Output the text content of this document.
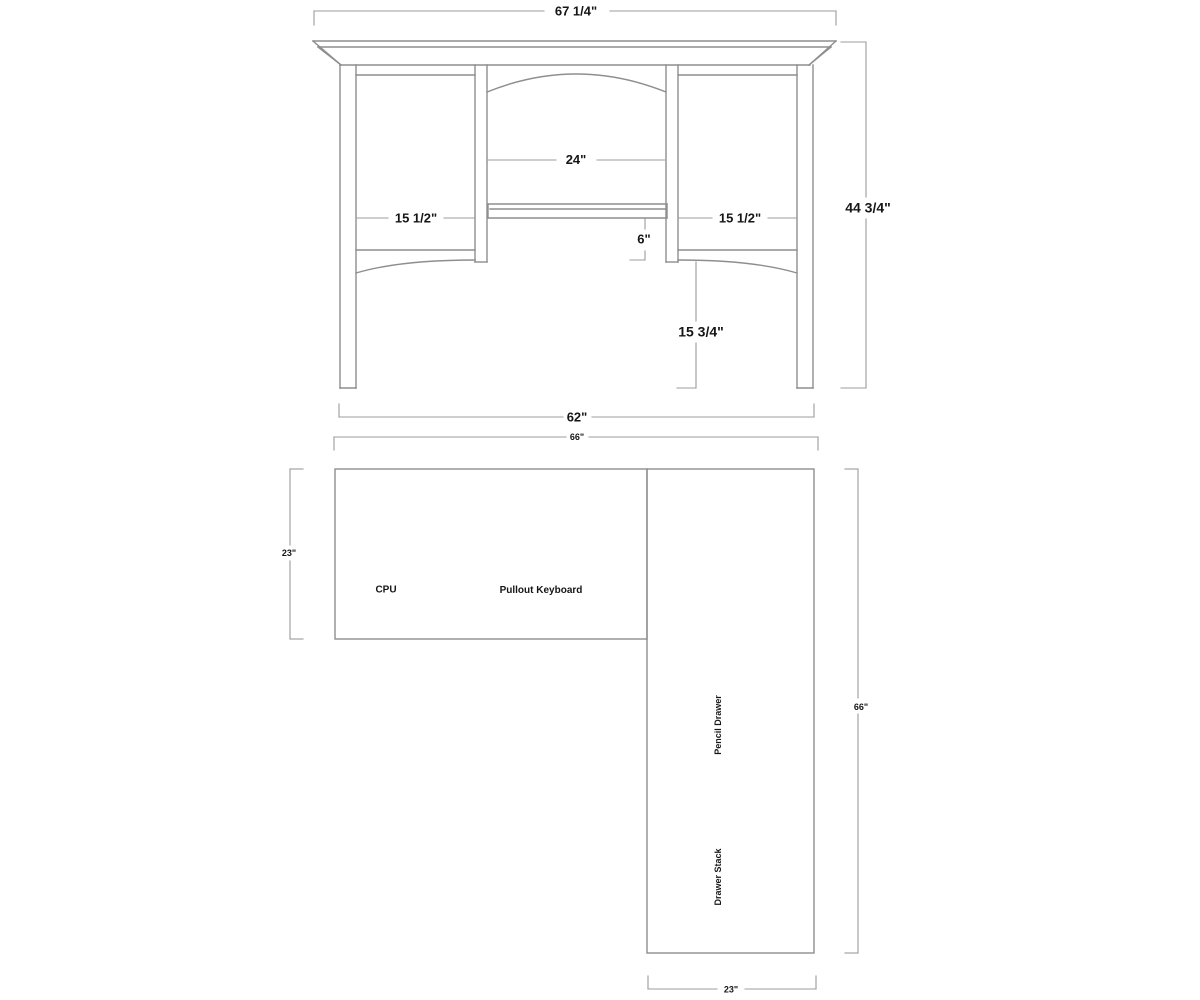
67 1/4"
24"
15 1/2"	15 1/2"
6"
15 3/4"
44 3/4"
62"
66"
CPU	Pullout Keyboard
Pencil Drawer
Drawer Stack
23"
66"
23"
